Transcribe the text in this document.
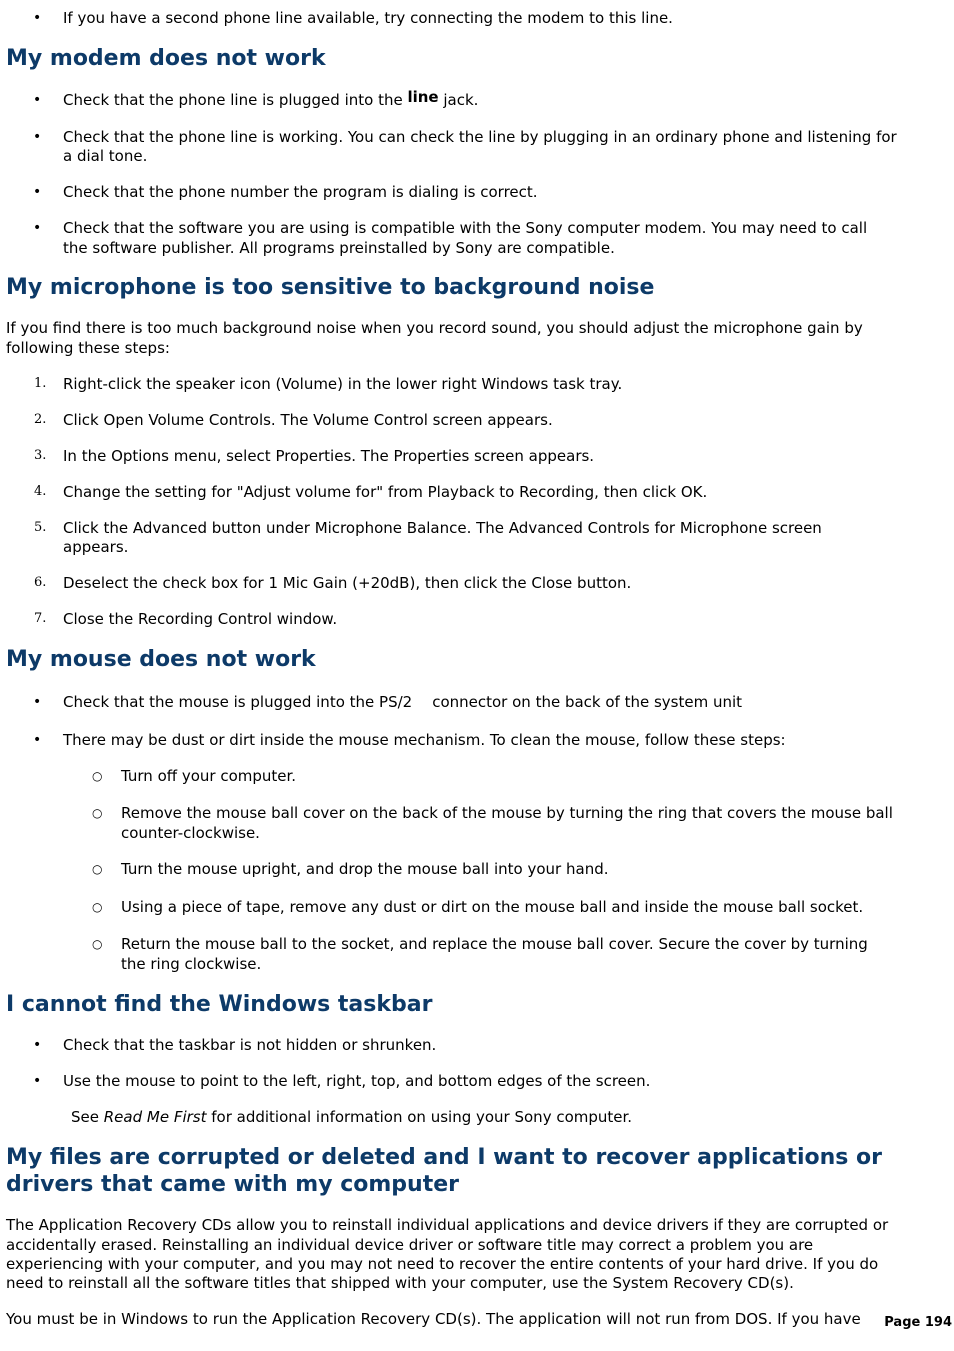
• If you have a second phone line available, try connecting the modem to this line.
My modem does not work
• Check that the phone line is plugged into the line jack.
• Check that the phone line is working. You can check the line by plugging in an ordinary phone and listening for
a dial tone.
• Check that the phone number the program is dialing is correct.
• Check that the software you are using is compatible with the Sony computer modem. You may need to call
the software publisher. All programs preinstalled by Sony are compatible.
My microphone is too sensitive to background noise
If you find there is too much background noise when you record sound, you should adjust the microphone gain by
following these steps:
1. Right-click the speaker icon (Volume) in the lower right Windows task tray.
2. Click Open Volume Controls. The Volume Control screen appears.
3. In the Options menu, select Properties. The Properties screen appears.
4. Change the setting for "Adjust volume for" from Playback to Recording, then click OK.
5. Click the Advanced button under Microphone Balance. The Advanced Controls for Microphone screen
appears.
6. Deselect the check box for 1 Mic Gain (+20dB), then click the Close button.
7. Close the Recording Control window.
My mouse does not work
• Check that the mouse is plugged into the PS/2 connector on the back of the system unit
• There may be dust or dirt inside the mouse mechanism. To clean the mouse, follow these steps:
○ Turn off your computer.
○ Remove the mouse ball cover on the back of the mouse by turning the ring that covers the mouse ball
counter-clockwise.
○ Turn the mouse upright, and drop the mouse ball into your hand.
○ Using a piece of tape, remove any dust or dirt on the mouse ball and inside the mouse ball socket.
○ Return the mouse ball to the socket, and replace the mouse ball cover. Secure the cover by turning
the ring clockwise.
I cannot find the Windows taskbar
• Check that the taskbar is not hidden or shrunken.
• Use the mouse to point to the left, right, top, and bottom edges of the screen.
See Read Me First for additional information on using your Sony computer.
My files are corrupted or deleted and I want to recover applications or
drivers that came with my computer
The Application Recovery CDs allow you to reinstall individual applications and device drivers if they are corrupted or
accidentally erased. Reinstalling an individual device driver or software title may correct a problem you are
experiencing with your computer, and you may not need to recover the entire contents of your hard drive. If you do
need to reinstall all the software titles that shipped with your computer, use the System Recovery CD(s).
You must be in Windows to run the Application Recovery CD(s). The application will not run from DOS. If you have Page 194
